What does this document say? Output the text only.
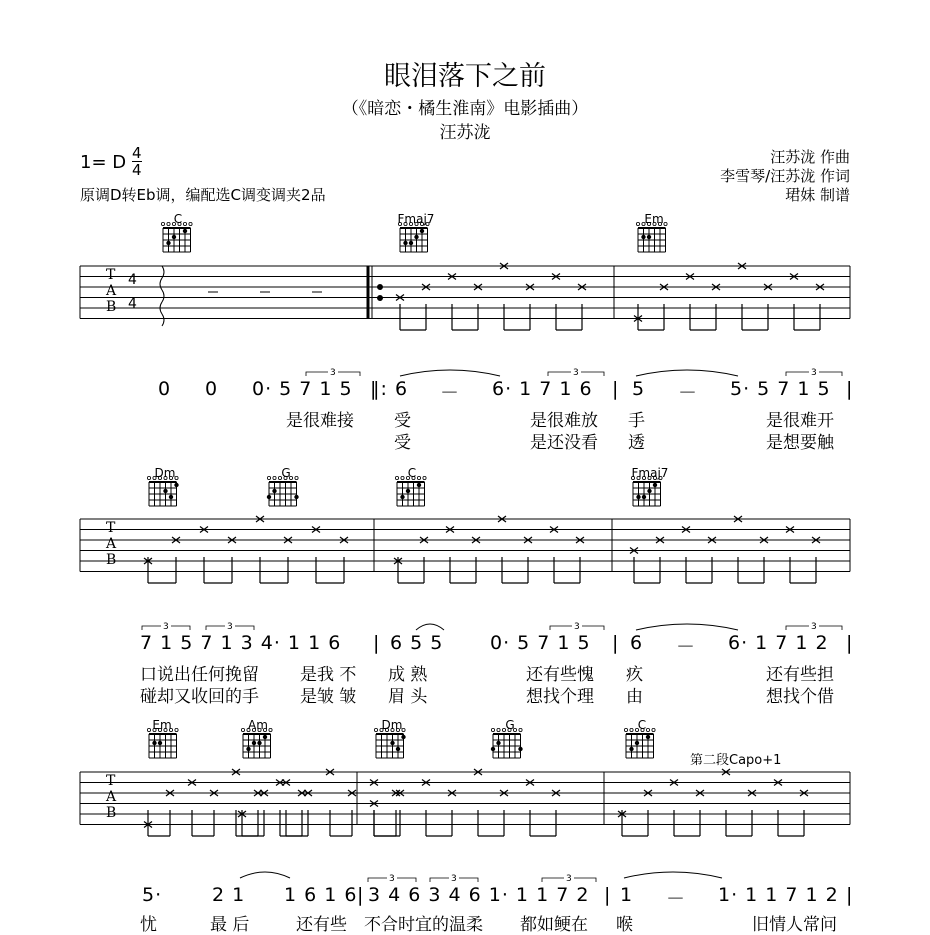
眼泪落下之前
（《暗恋・橘生淮南》电影插曲）
汪苏泷
1= D 4
4
原调D转Eb调，编配选C调变调夹2品
汪苏泷 作曲
李雪琴/汪苏泷 作词
珺妹 制谱
T
A
B
4
4
T
A
B
T
A
B
3	3	3
3	3	3	3
3	3	3
C	Fmaj7	Em
0 0 0· 5 7 1 5 ‖: 6 － 6· 1 7 1 6 | 5 － 5· 5 7 1 5 |
是很难接 受	是很难放 手	是很难开
受	是还没看 透	是想要触
Dm	G	C	Fmaj7
7 1 5 7 1 3 4· 1 1 6 | 6 5 5 0· 5 7 1 5 | 6 － 6· 1 7 1 2 |
口说出任何挽留 是我 不 成 熟	还有些愧 疚	还有些担
碰却又收回的手 是皱 皱 眉 头	想找个理 由	想找个借
Em	Am	Dm	G	C
第二段Capo+1
5·	2 1 1 6 1 6 | 3 4 6 3 4 6 1· 1 1 7 2 | 1 － 1· 1 1 7 1 2 |
忧	最 后	还有些 不合时宜的温柔 都如鲠在 喉	旧情人常问
